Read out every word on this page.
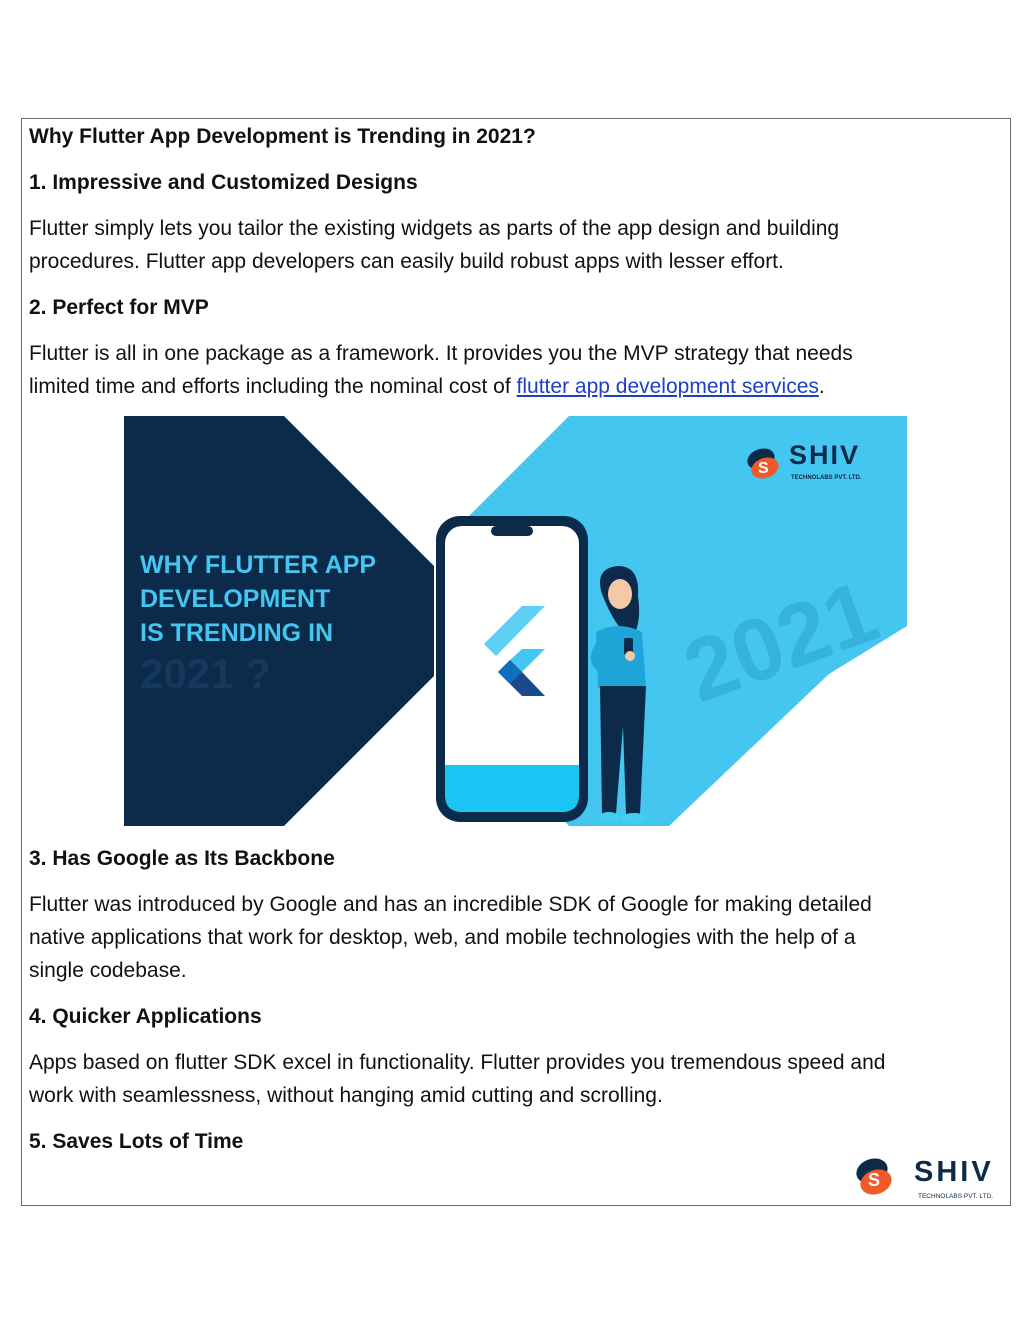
Why Flutter App Development is Trending in 2021?

1. Impressive and Customized Designs

Flutter simply lets you tailor the existing widgets as parts of the app design and building

procedures. Flutter app developers can easily build robust apps with lesser effort.

2. Perfect for MVP

Flutter is all in one package as a framework. It provides you the MVP strategy that needs

limited time and efforts including the nominal cost of flutter app development services.

2021
WHY FLUTTER APP
DEVELOPMENT
IS TRENDING IN
2021 ?
S SHIV
TECHNOLABS PVT. LTD.

3. Has Google as Its Backbone

Flutter was introduced by Google and has an incredible SDK of Google for making detailed

native applications that work for desktop, web, and mobile technologies with the help of a

single codebase.

4. Quicker Applications

Apps based on flutter SDK excel in functionality. Flutter provides you tremendous speed and

work with seamlessness, without hanging amid cutting and scrolling.

5. Saves Lots of Time

S SHIV
TECHNOLABS PVT. LTD.
